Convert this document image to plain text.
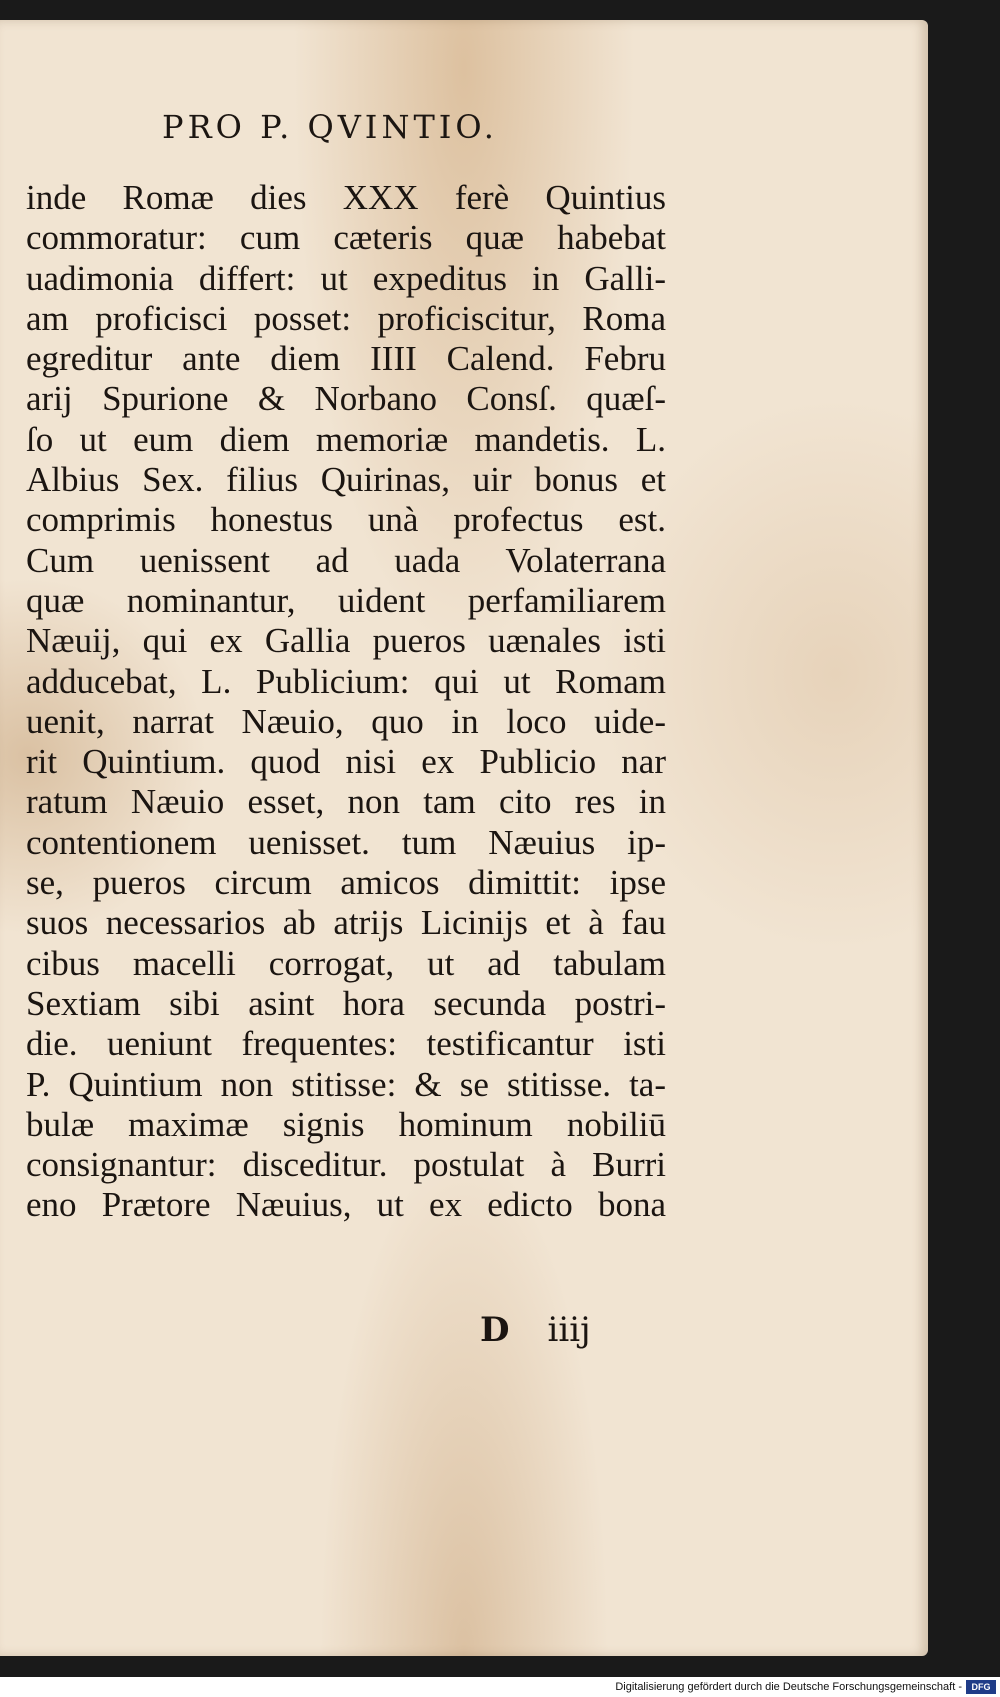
PRO P. QVINTIO.
inde Romæ dies XXX ferè Quintius
commoratur: cum cæteris quæ habebat
uadimonia differt: ut expeditus in Galli-
am proficisci posset: proficiscitur, Roma
egreditur ante diem IIII Calend. Febru
arij Spurione & Norbano Consſ. quæſ-
ſo ut eum diem memoriæ mandetis. L.
Albius Sex. filius Quirinas, uir bonus et
comprimis honestus unà profectus est.
Cum uenissent ad uada Volaterrana
quæ nominantur, uident perfamiliarem
Næuij, qui ex Gallia pueros uænales isti
adducebat, L. Publicium: qui ut Romam
uenit, narrat Næuio, quo in loco uide-
rit Quintium. quod nisi ex Publicio nar
ratum Næuio esset, non tam cito res in
contentionem uenisset. tum Næuius ip-
se, pueros circum amicos dimittit: ipse
suos necessarios ab atrijs Licinijs et à fau
cibus macelli corrogat, ut ad tabulam
Sextiam sibi asint hora secunda postri-
die. ueniunt frequentes: testificantur isti
P. Quintium non stitisse: & se stitisse. ta-
bulæ maximæ signis hominum nobiliū
consignantur: disceditur. postulat à Burri
eno Prætore Næuius, ut ex edicto bona
D iiij
Digitalisierung gefördert durch die Deutsche Forschungsgemeinschaft -	DFG
